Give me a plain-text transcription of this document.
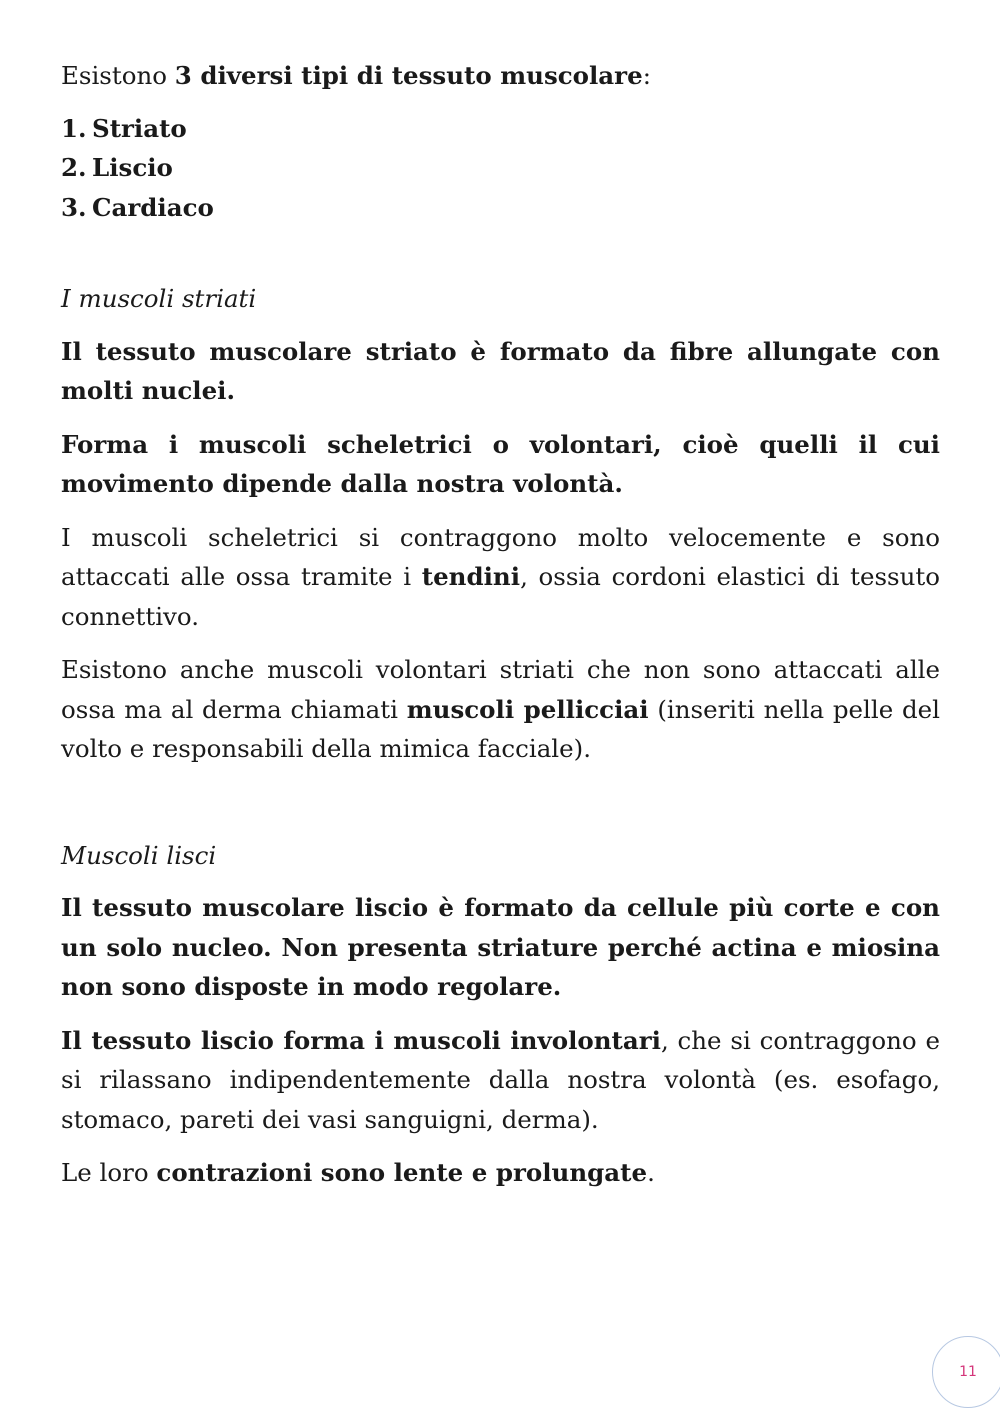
Esistono 3 diversi tipi di tessuto muscolare:

1. Striato
2. Liscio
3. Cardiaco

I muscoli striati

Il tessuto muscolare striato è formato da fibre allungate con molti nuclei.

Forma i muscoli scheletrici o volontari, cioè quelli il cui movimento dipende dalla nostra volontà.

I muscoli scheletrici si contraggono molto velocemente e sono attaccati alle ossa tramite i tendini, ossia cordoni elastici di tessuto connettivo.

Esistono anche muscoli volontari striati che non sono attaccati alle ossa ma al derma chiamati muscoli pellicciai (inseriti nella pelle del volto e responsabili della mimica facciale).

Muscoli lisci

Il tessuto muscolare liscio è formato da cellule più corte e con un solo nucleo. Non presenta striature perché actina e miosina non sono disposte in modo regolare.

Il tessuto liscio forma i muscoli involontari, che si contraggono e si rilassano indipendentemente dalla nostra volontà (es. esofago, stomaco, pareti dei vasi sanguigni, derma).

Le loro contrazioni sono lente e prolungate.

11
